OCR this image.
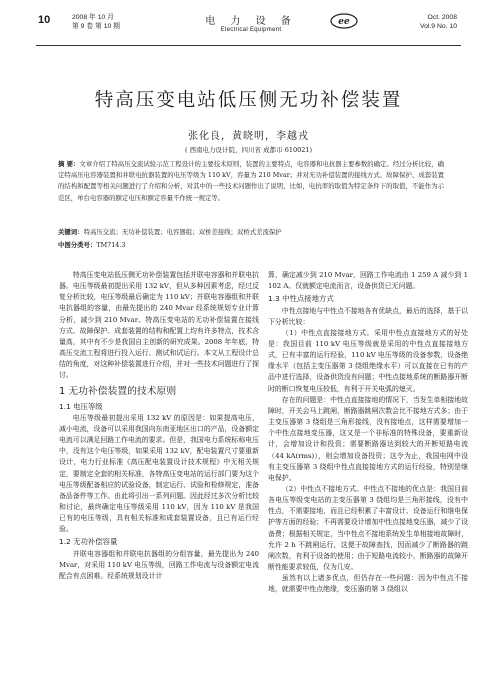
10	2008 年 10 月
第 9 卷 第 10 期	电 力 设 备
Electrical Equipment
ee	Oct. 2008
Vol.9 No. 10
特高压变电站低压侧无功补偿装置
张化良，黄晓明，李越戎
( 西南电力设计院，四川省 成都市 610021)
摘 要：文章介绍了特高压交流试验示范工程设计的主要技术原则，装置的主要特点，电容器和电抗器主要参数的确定。经过分析比较，确定特高压电容器装置和并联电抗器装置的电压等级为 110 kV，容量为 210 Mvar；并对无功补偿装置的接线方式、故障保护、成套装置的结构和配置等相关问题进行了介绍和分析，对其中的一些技术问题作出了说明，比如，电抗率的取值为特定条件下的取值，不能作为示范区，单台电容器的额定电压和额定容量不作统一规定等。
关键词：特高压交流；无功补偿装置；电容器组；双桥差接线；双桥式差流保护
中图分类号：TM714.3

特高压变电站低压侧无功补偿装置包括并联电容器和并联电抗器。电压等级最初提出采用 132 kV，但从多种因素考虑，经过反复分析比较，电压等级最后确定为 110 kV；并联电容器组和并联电抗器组的容量，由最先提出的 240 Mvar 经系统规划专业计算分析，减少到 210 Mvar。特高压变电站的无功补偿装置在接线方式、故障保护、成套装置的结构和配置上均有许多特点，技术含量高，其中有不少是我国自主创新的研究成果。2008 年年底，特高压交流工程将进行投入运行、测试和试运行。本文从工程设计总结的角度，对这种补偿装置进行介绍，并对一些技术问题进行了探讨。

1 无功补偿装置的技术原则
1.1 电压等级

电压等级最初提出采用 132 kV 的原因是：如果提高电压，减小电流，设备可以采用我国向东南亚地区出口的产品，设备额定电流可以满足回路工作电流的要求。但是，我国电力系统标称电压中，没有这个电压等级，如果采用 132 kV，配电装置尺寸要重新设计，电力行业标准《高压配电装置设计技术规程》中无相关规定，要制定全套的相关标准，各特高压变电站的运行部门要为这个电压等级配备相应的试验设备，制定运行、试验和检修规定，准备备品备件等工作。由此将引出一系列问题。因此经过多次分析比较和讨论，最终确定电压等级采用 110 kV，因为 110 kV 是我国已有的电压等级，具有相关标准和成套装置设备，且已有运行经验。

1.2 无功补偿容量

并联电容器组和并联电抗器组的分组容量，最先提出为 240 Mvar，对采用 110 kV 电压等级，回路工作电流与设备额定电流配合有点困难。经系统规划设计计

算，确定减少到 210 Mvar，回路工作电流由 1 259 A 减少到 1 102 A。仅就额定电流而言，设备供货已无问题。

1.3 中性点接地方式

中性点接地与中性点不接地各有优缺点，最后的选择，基于以下分析比较：

（1）中性点直接接地方式。采用中性点直接地方式的好处是：我国目前 110 kV 电压等级就是采用的中性点直接接地方式，已有丰富的运行经验，110 kV 电压等级的设备参数，设备绝缘水平（包括主变压器第 3 绕组绝缘水平）可以直接在已有的产品中进行选择，设备供货没有问题；中性点接地系统的断路器开断时的断口恢复电压较低，有利于开关电弧的熄灭。

存在的问题是：中性点直接接地的情况下，当发生单相接地故障时，开关会马上跳闸，断路器跳闸次数会比不接地方式多；由于主变压器第 3 绕组是三角形接线，没有接地点，这样需要增加一个中性点接地变压器，这又是一个非标准的特殊设备，要重新设计，会增加设计和投资；需要断路器达到较大的开断短路电流（44 kA(rms)），则会增加设备投资；这令为止，我国电网中没有主变压器第 3 绕组中性点直接接地方式的运行经验，特别是继电保护。

（2）中性点不接地方式。中性点不接地的优点是：我国目前各电压等级变电站的主变压器第 3 绕组均是三角形接线，没有中性点，不需要接地，而且已经积累了丰富设计、设备运行和继电保护等方面的经验；不再需要设计增加中性点接地变压器，减少了设备费；根据相关规定，当中性点不接地系统发生单相接地故障时，允许 2 h 不跳闸运行，这便于故障查找，因而减少了断路器的跳闸次数，有利于设备的使用；由于短路电流较小，断路器的故障开断性能要求较低，仅为几安。

虽然有以上诸多优点，但仍存在一些问题：因为中性点不接地，就需要中性点绝缘，变压器的第 3 绕组以
